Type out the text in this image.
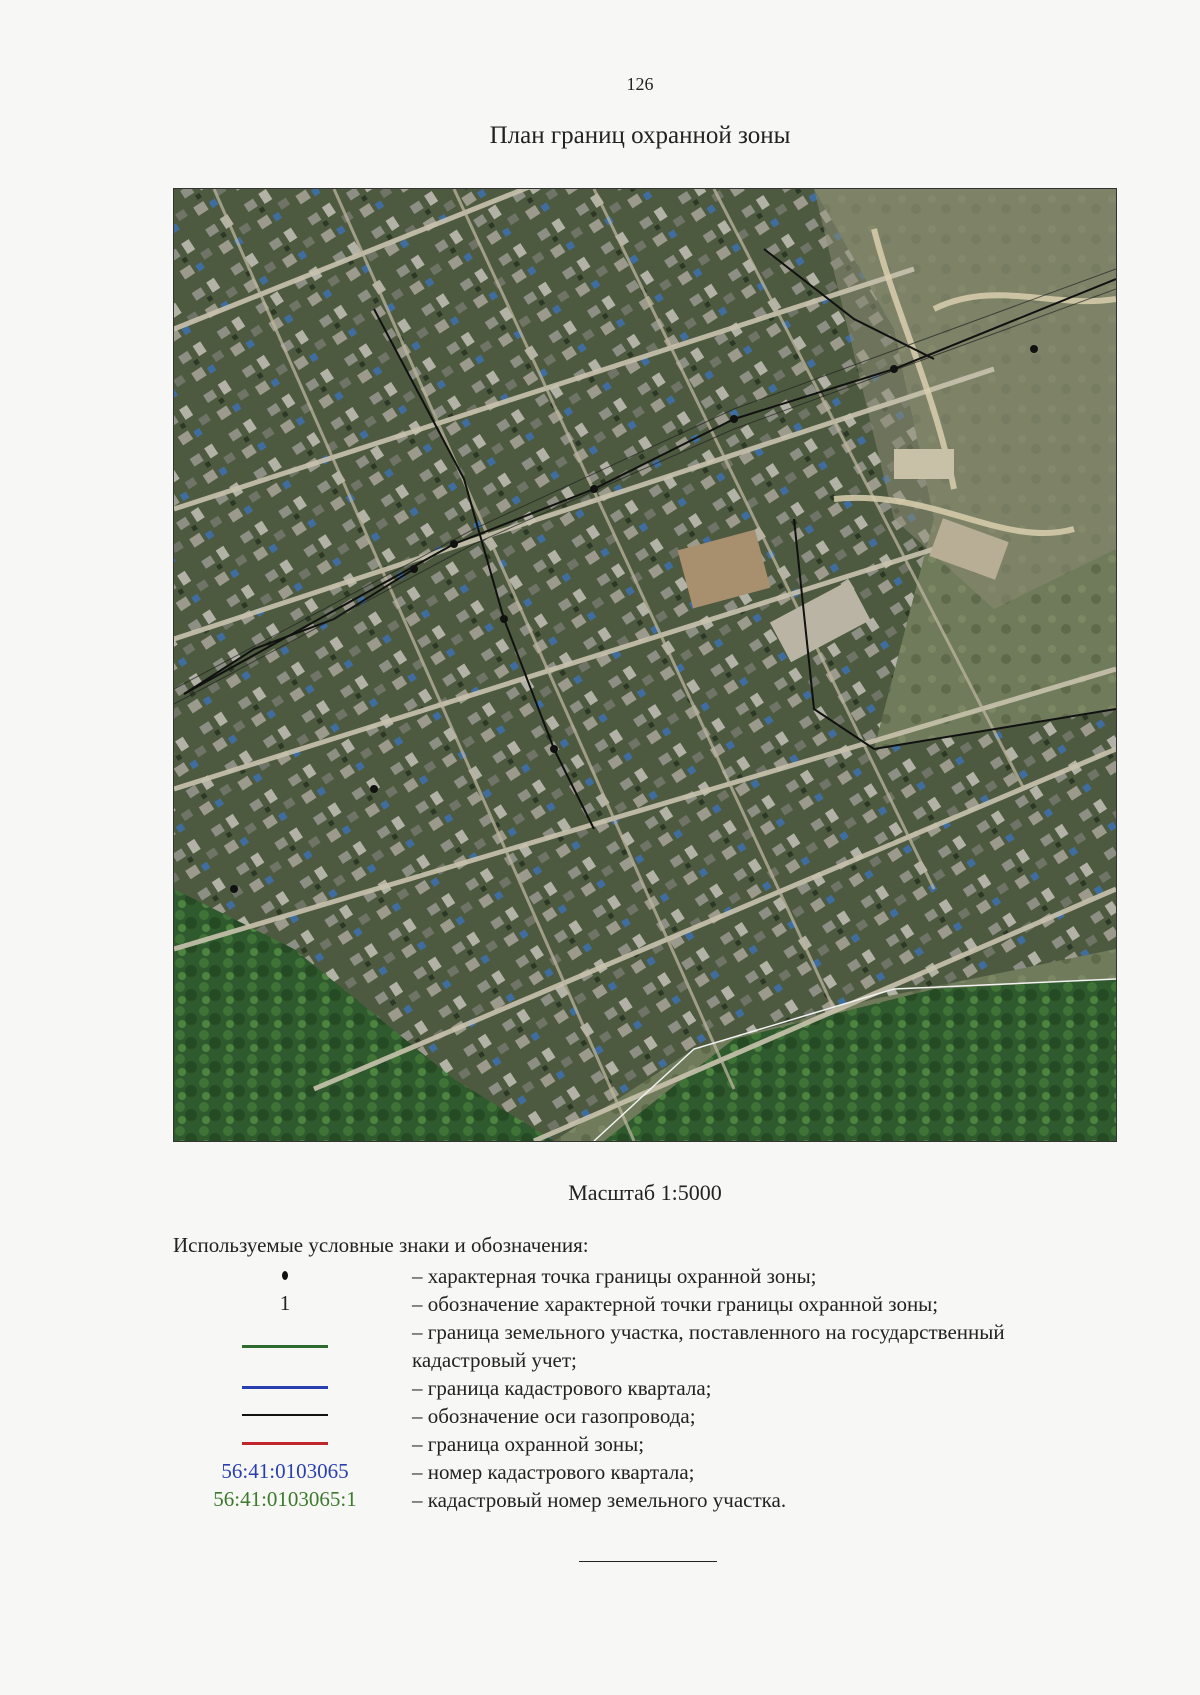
126
План границ охранной зоны
Масштаб 1:5000
Используемые условные знаки и обозначения:
– характерная точка границы охранной зоны;
1	– обозначение характерной точки границы охранной зоны;
– граница земельного участка, поставленного на государственный кадастровый учет;
– граница кадастрового квартала;
– обозначение оси газопровода;
– граница охранной зоны;
56:41:0103065	– номер кадастрового квартала;
56:41:0103065:1	– кадастровый номер земельного участка.
